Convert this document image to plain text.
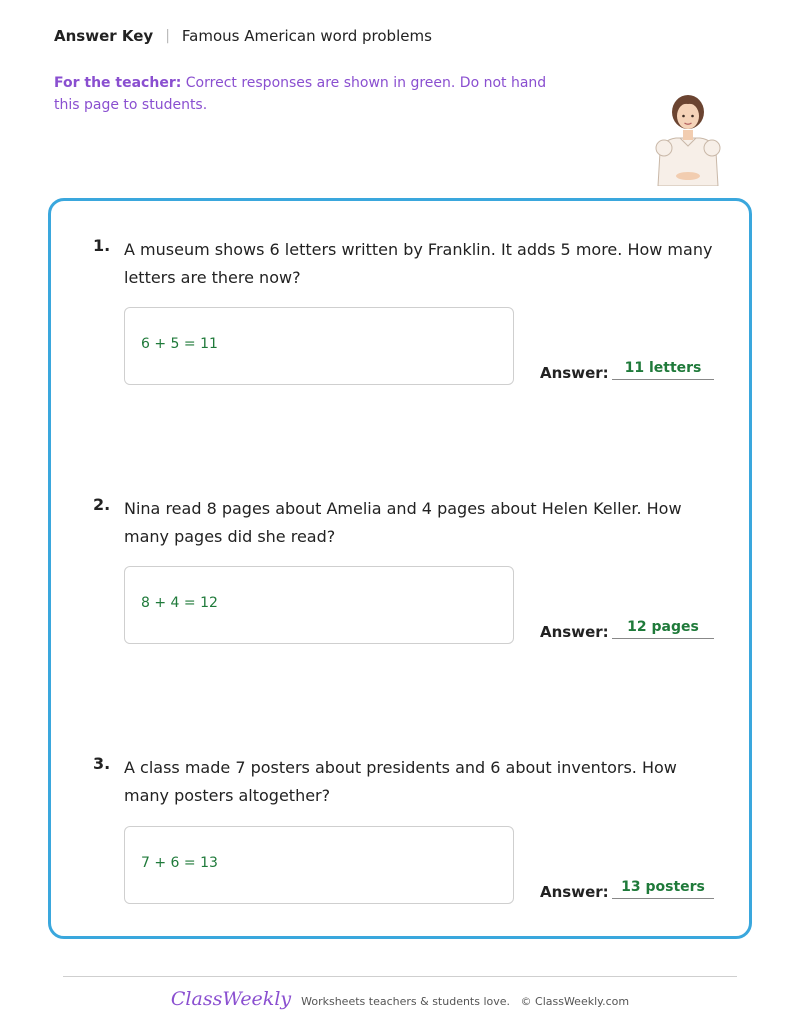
Answer Key | Famous American word problems
For the teacher: Correct responses are shown in green. Do not hand this page to students.
1. A museum shows 6 letters written by Franklin. It adds 5 more. How many letters are there now?
6 + 5 = 11
Answer:	11 letters
2. Nina read 8 pages about Amelia and 4 pages about Helen Keller. How many pages did she read?
8 + 4 = 12
Answer:	12 pages
3. A class made 7 posters about presidents and 6 about inventors. How many posters altogether?
7 + 6 = 13
Answer: 13 posters
ClassWeekly Worksheets teachers & students love.   © ClassWeekly.com
